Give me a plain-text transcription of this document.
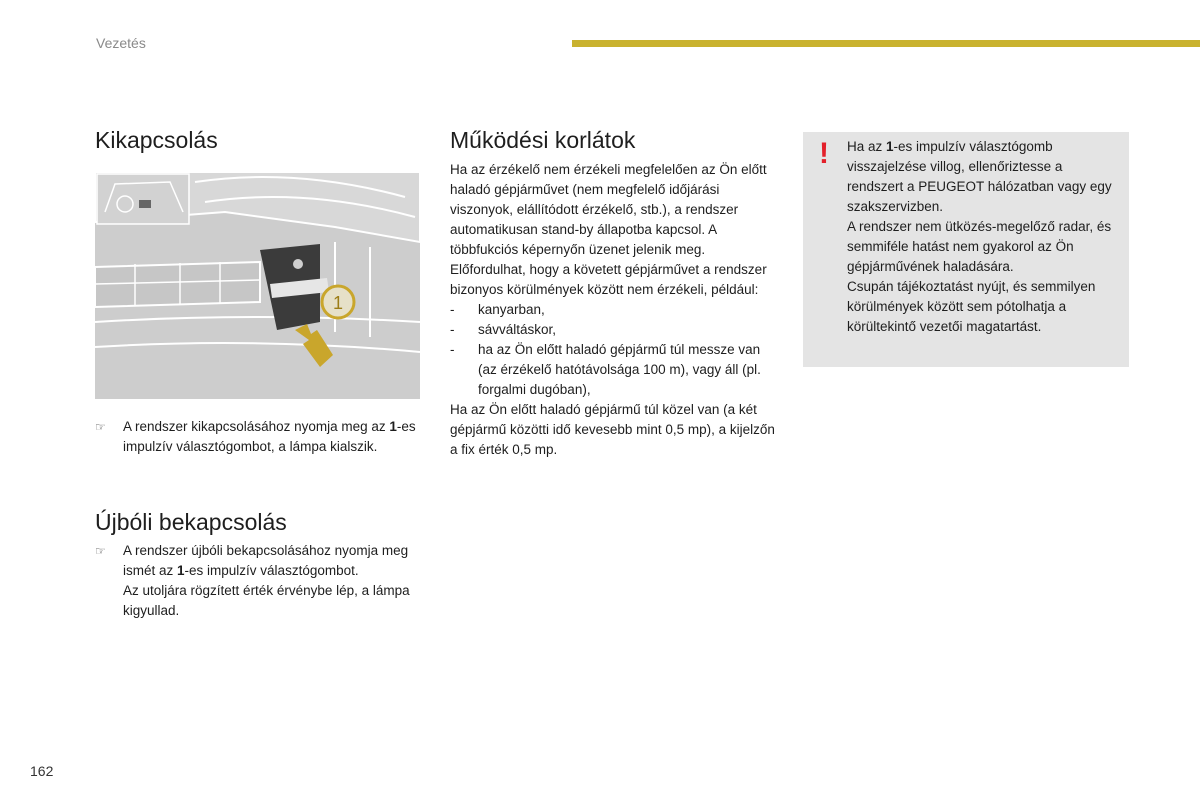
Vezetés
Kikapcsolás
1
☞ A rendszer kikapcsolásához nyomja meg az 1-es impulzív választógombot, a lámpa kialszik.
Újbóli bekapcsolás
☞ A rendszer újbóli bekapcsolásához nyomja meg ismét az 1-es impulzív választógombot.
Az utoljára rögzített érték érvénybe lép, a lámpa kigyullad.
Működési korlátok
Ha az érzékelő nem érzékeli megfelelően az Ön előtt haladó gépjárművet (nem megfelelő időjárási viszonyok, elállítódott érzékelő, stb.), a rendszer automatikusan stand-by állapotba kapcsol. A többfukciós képernyőn üzenet jelenik meg.
Előfordulhat, hogy a követett gépjárművet a rendszer bizonyos körülmények között nem érzékeli, például:
- kanyarban,
- sávváltáskor,
- ha az Ön előtt haladó gépjármű túl messze van (az érzékelő hatótávolsága 100 m), vagy áll (pl. forgalmi dugóban),
Ha az Ön előtt haladó gépjármű túl közel van (a két gépjármű közötti idő kevesebb mint 0,5 mp), a kijelzőn a fix érték 0,5 mp.
! Ha az 1-es impulzív választógomb visszajelzése villog, ellenőriztesse a rendszert a PEUGEOT hálózatban vagy egy szakszervizben.
A rendszer nem ütközés-megelőző radar, és semmiféle hatást nem gyakorol az Ön gépjárművének haladására.
Csupán tájékoztatást nyújt, és semmilyen körülmények között sem pótolhatja a körültekintő vezetői magatartást.
162
